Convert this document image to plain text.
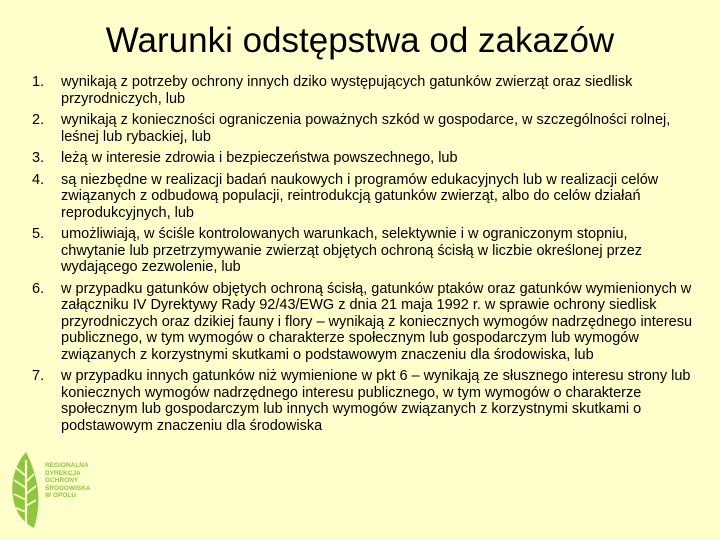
Warunki odstępstwa od zakazów
1.	wynikają z potrzeby ochrony innych dziko występujących gatunków zwierząt oraz siedlisk przyrodniczych, lub
2.	wynikają z konieczności ograniczenia poważnych szkód w gospodarce, w szczególności rolnej, leśnej lub rybackiej, lub
3.	leżą w interesie zdrowia i bezpieczeństwa powszechnego, lub
4.	są niezbędne w realizacji badań naukowych i programów edukacyjnych lub w realizacji celów związanych z odbudową populacji, reintrodukcją gatunków zwierząt, albo do celów działań reprodukcyjnych, lub
5.	umożliwiają, w ściśle kontrolowanych warunkach, selektywnie i w ograniczonym stopniu, chwytanie lub przetrzymywanie zwierząt objętych ochroną ścisłą w liczbie określonej przez wydającego zezwolenie, lub
6.	w przypadku gatunków objętych ochroną ścisłą, gatunków ptaków oraz gatunków wymienionych w załączniku IV Dyrektywy Rady 92/43/EWG z dnia 21 maja 1992 r. w sprawie ochrony siedlisk przyrodniczych oraz dzikiej fauny i flory – wynikają z koniecznych wymogów nadrzędnego interesu publicznego, w tym wymogów o charakterze społecznym lub gospodarczym lub wymogów związanych z korzystnymi skutkami o podstawowym znaczeniu dla środowiska, lub
7.	w przypadku innych gatunków niż wymienione w pkt 6 – wynikają ze słusznego interesu strony lub koniecznych wymogów nadrzędnego interesu publicznego, w tym wymogów o charakterze społecznym lub gospodarczym lub innych wymogów związanych z korzystnymi skutkami o podstawowym znaczeniu dla środowiska
REGIONALNA
DYREKCJA
OCHRONY
ŚRODOWISKA
W OPOLU
